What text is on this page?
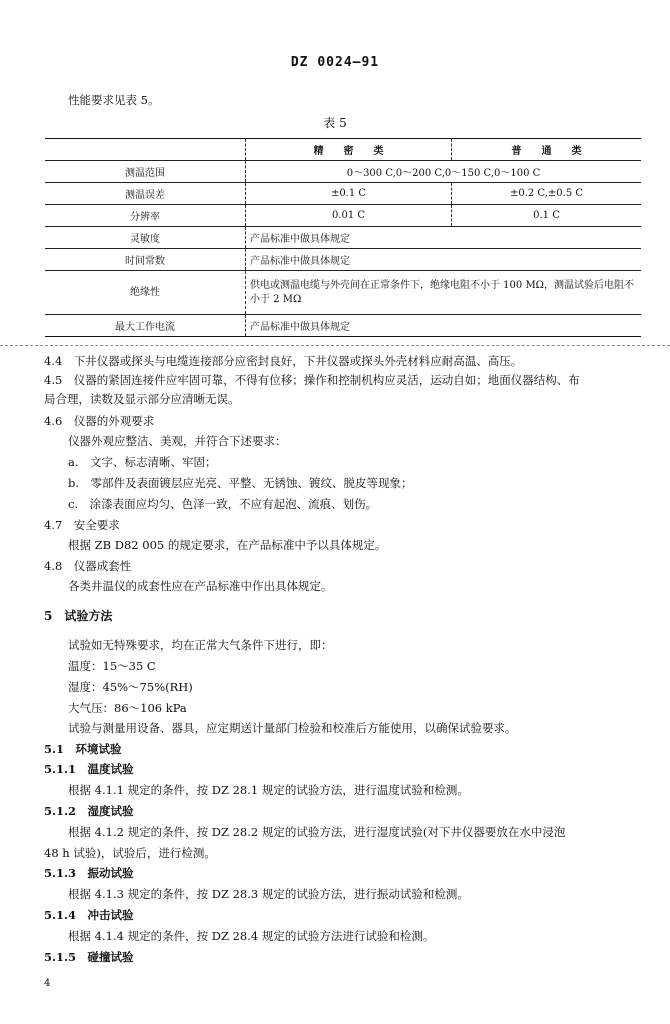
DZ 0024—91
性能要求见表 5。
表 5
	精　　密　　类	普　　通　　类
测温范围	0～300 C,0～200 C,0～150 C,0～100 C	
测温误差	±0.1 C	±0.2 C,±0.5 C
分辨率	0.01 C	0.1 C
灵敏度	产品标准中做具体规定	
时间常数	产品标准中做具体规定	
绝缘性	供电或测温电缆与外壳间在正常条件下，绝缘电阻不小于 100 MΩ，测温试验后电阻不小于 2 MΩ	
最大工作电流	产品标准中做具体规定	
4.4　下井仪器或探头与电缆连接部分应密封良好，下井仪器或探头外壳材料应耐高温、高压。
4.5　仪器的紧固连接件应牢固可靠，不得有位移；操作和控制机构应灵活，运动自如；地面仪器结构、布
局合理，读数及显示部分应清晰无误。
4.6　仪器的外观要求
仪器外观应整洁、美观，并符合下述要求：
a.　文字、标志清晰、牢固；
b.　零部件及表面镀层应光亮、平整、无锈蚀、镀纹、脱皮等现象；
c.　涂漆表面应均匀、色泽一致，不应有起泡、流痕、划伤。
4.7　安全要求
根据 ZB D82 005 的规定要求，在产品标准中予以具体规定。
4.8　仪器成套性
各类井温仪的成套性应在产品标准中作出具体规定。
5　试验方法
试验如无特殊要求，均在正常大气条件下进行，即：
温度：15～35 C
湿度：45%～75%(RH)
大气压：86～106 kPa
试验与测量用设备、器具，应定期送计量部门检验和校准后方能使用，以确保试验要求。
5.1　环境试验
5.1.1　温度试验
根据 4.1.1 规定的条件，按 DZ 28.1 规定的试验方法，进行温度试验和检测。
5.1.2　湿度试验
根据 4.1.2 规定的条件，按 DZ 28.2 规定的试验方法，进行湿度试验(对下井仪器要放在水中浸泡
48 h 试验)，试验后，进行检测。
5.1.3　振动试验
根据 4.1.3 规定的条件，按 DZ 28.3 规定的试验方法，进行振动试验和检测。
5.1.4　冲击试验
根据 4.1.4 规定的条件，按 DZ 28.4 规定的试验方法进行试验和检测。
5.1.5　碰撞试验
4
